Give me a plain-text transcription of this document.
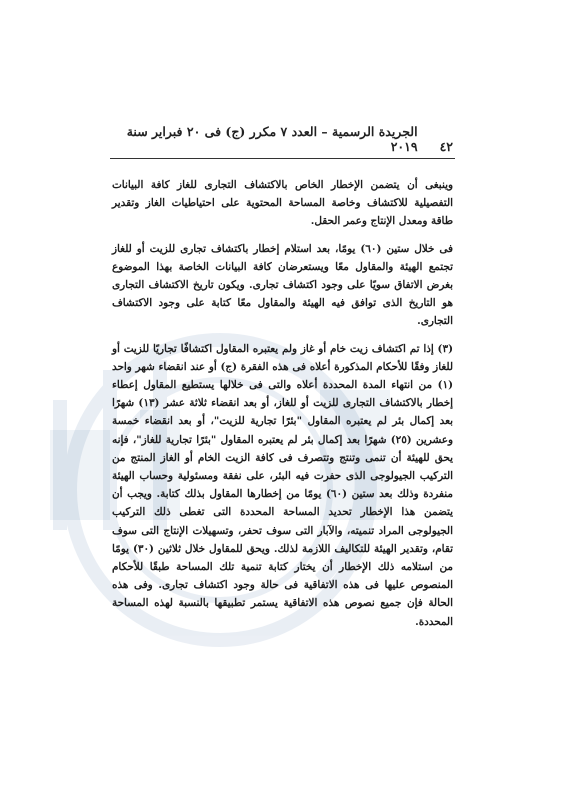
٤٢
الجريدة الرسمية – العدد ٧ مكرر (ج) فى ٢٠ فبراير سنة ٢٠١٩

وينبغى أن يتضمن الإخطار الخاص بالاكتشاف التجارى للغاز كافة البيانات التفصيلية للاكتشاف وخاصة المساحة المحتوية على احتياطيات الغاز وتقدير طاقة ومعدل الإنتاج وعمر الحقل.

فى خلال ستين (٦٠) يومًا، بعد استلام إخطار باكتشاف تجارى للزيت أو للغاز تجتمع الهيئة والمقاول معًا ويستعرضان كافة البيانات الخاصة بهذا الموضوع بغرض الاتفاق سويًا على وجود اكتشاف تجارى. ويكون تاريخ الاكتشاف التجارى هو التاريخ الذى توافق فيه الهيئة والمقاول معًا كتابة على وجود الاكتشاف التجارى.

(٣) إذا تم اكتشاف زيت خام أو غاز ولم يعتبره المقاول اكتشافًا تجاريًا للزيت أو للغاز وفقًا للأحكام المذكورة أعلاه فى هذه الفقرة (ج) أو عند انقضاء شهر واحد (١) من انتهاء المدة المحددة أعلاه والتى فى خلالها يستطيع المقاول إعطاء إخطار بالاكتشاف التجارى للزيت أو للغاز، أو بعد انقضاء ثلاثة عشر (١٣) شهرًا بعد إكمال بئر لم يعتبره المقاول "بئرًا تجارية للزيت"، أو بعد انقضاء خمسة وعشرين (٢٥) شهرًا بعد إكمال بئر لم يعتبره المقاول "بئرًا تجارية للغاز"، فإنه يحق للهيئة أن تنمى وتنتج وتتصرف فى كافة الزيت الخام أو الغاز المنتج من التركيب الجيولوجى الذى حفرت فيه البئر، على نفقة ومسئولية وحساب الهيئة منفردة وذلك بعد ستين (٦٠) يومًا من إخطارها المقاول بذلك كتابة. ويجب أن يتضمن هذا الإخطار تحديد المساحة المحددة التى تغطى ذلك التركيب الجيولوجى المراد تنميته، والآبار التى سوف تحفر، وتسهيلات الإنتاج التى سوف تقام، وتقدير الهيئة للتكاليف اللازمة لذلك. ويحق للمقاول خلال ثلاثين (٣٠) يومًا من استلامه ذلك الإخطار أن يختار كتابة تنمية تلك المساحة طبقًا للأحكام المنصوص عليها فى هذه الاتفاقية فى حالة وجود اكتشاف تجارى. وفى هذه الحالة فإن جميع نصوص هذه الاتفاقية يستمر تطبيقها بالنسبة لهذه المساحة المحددة.
